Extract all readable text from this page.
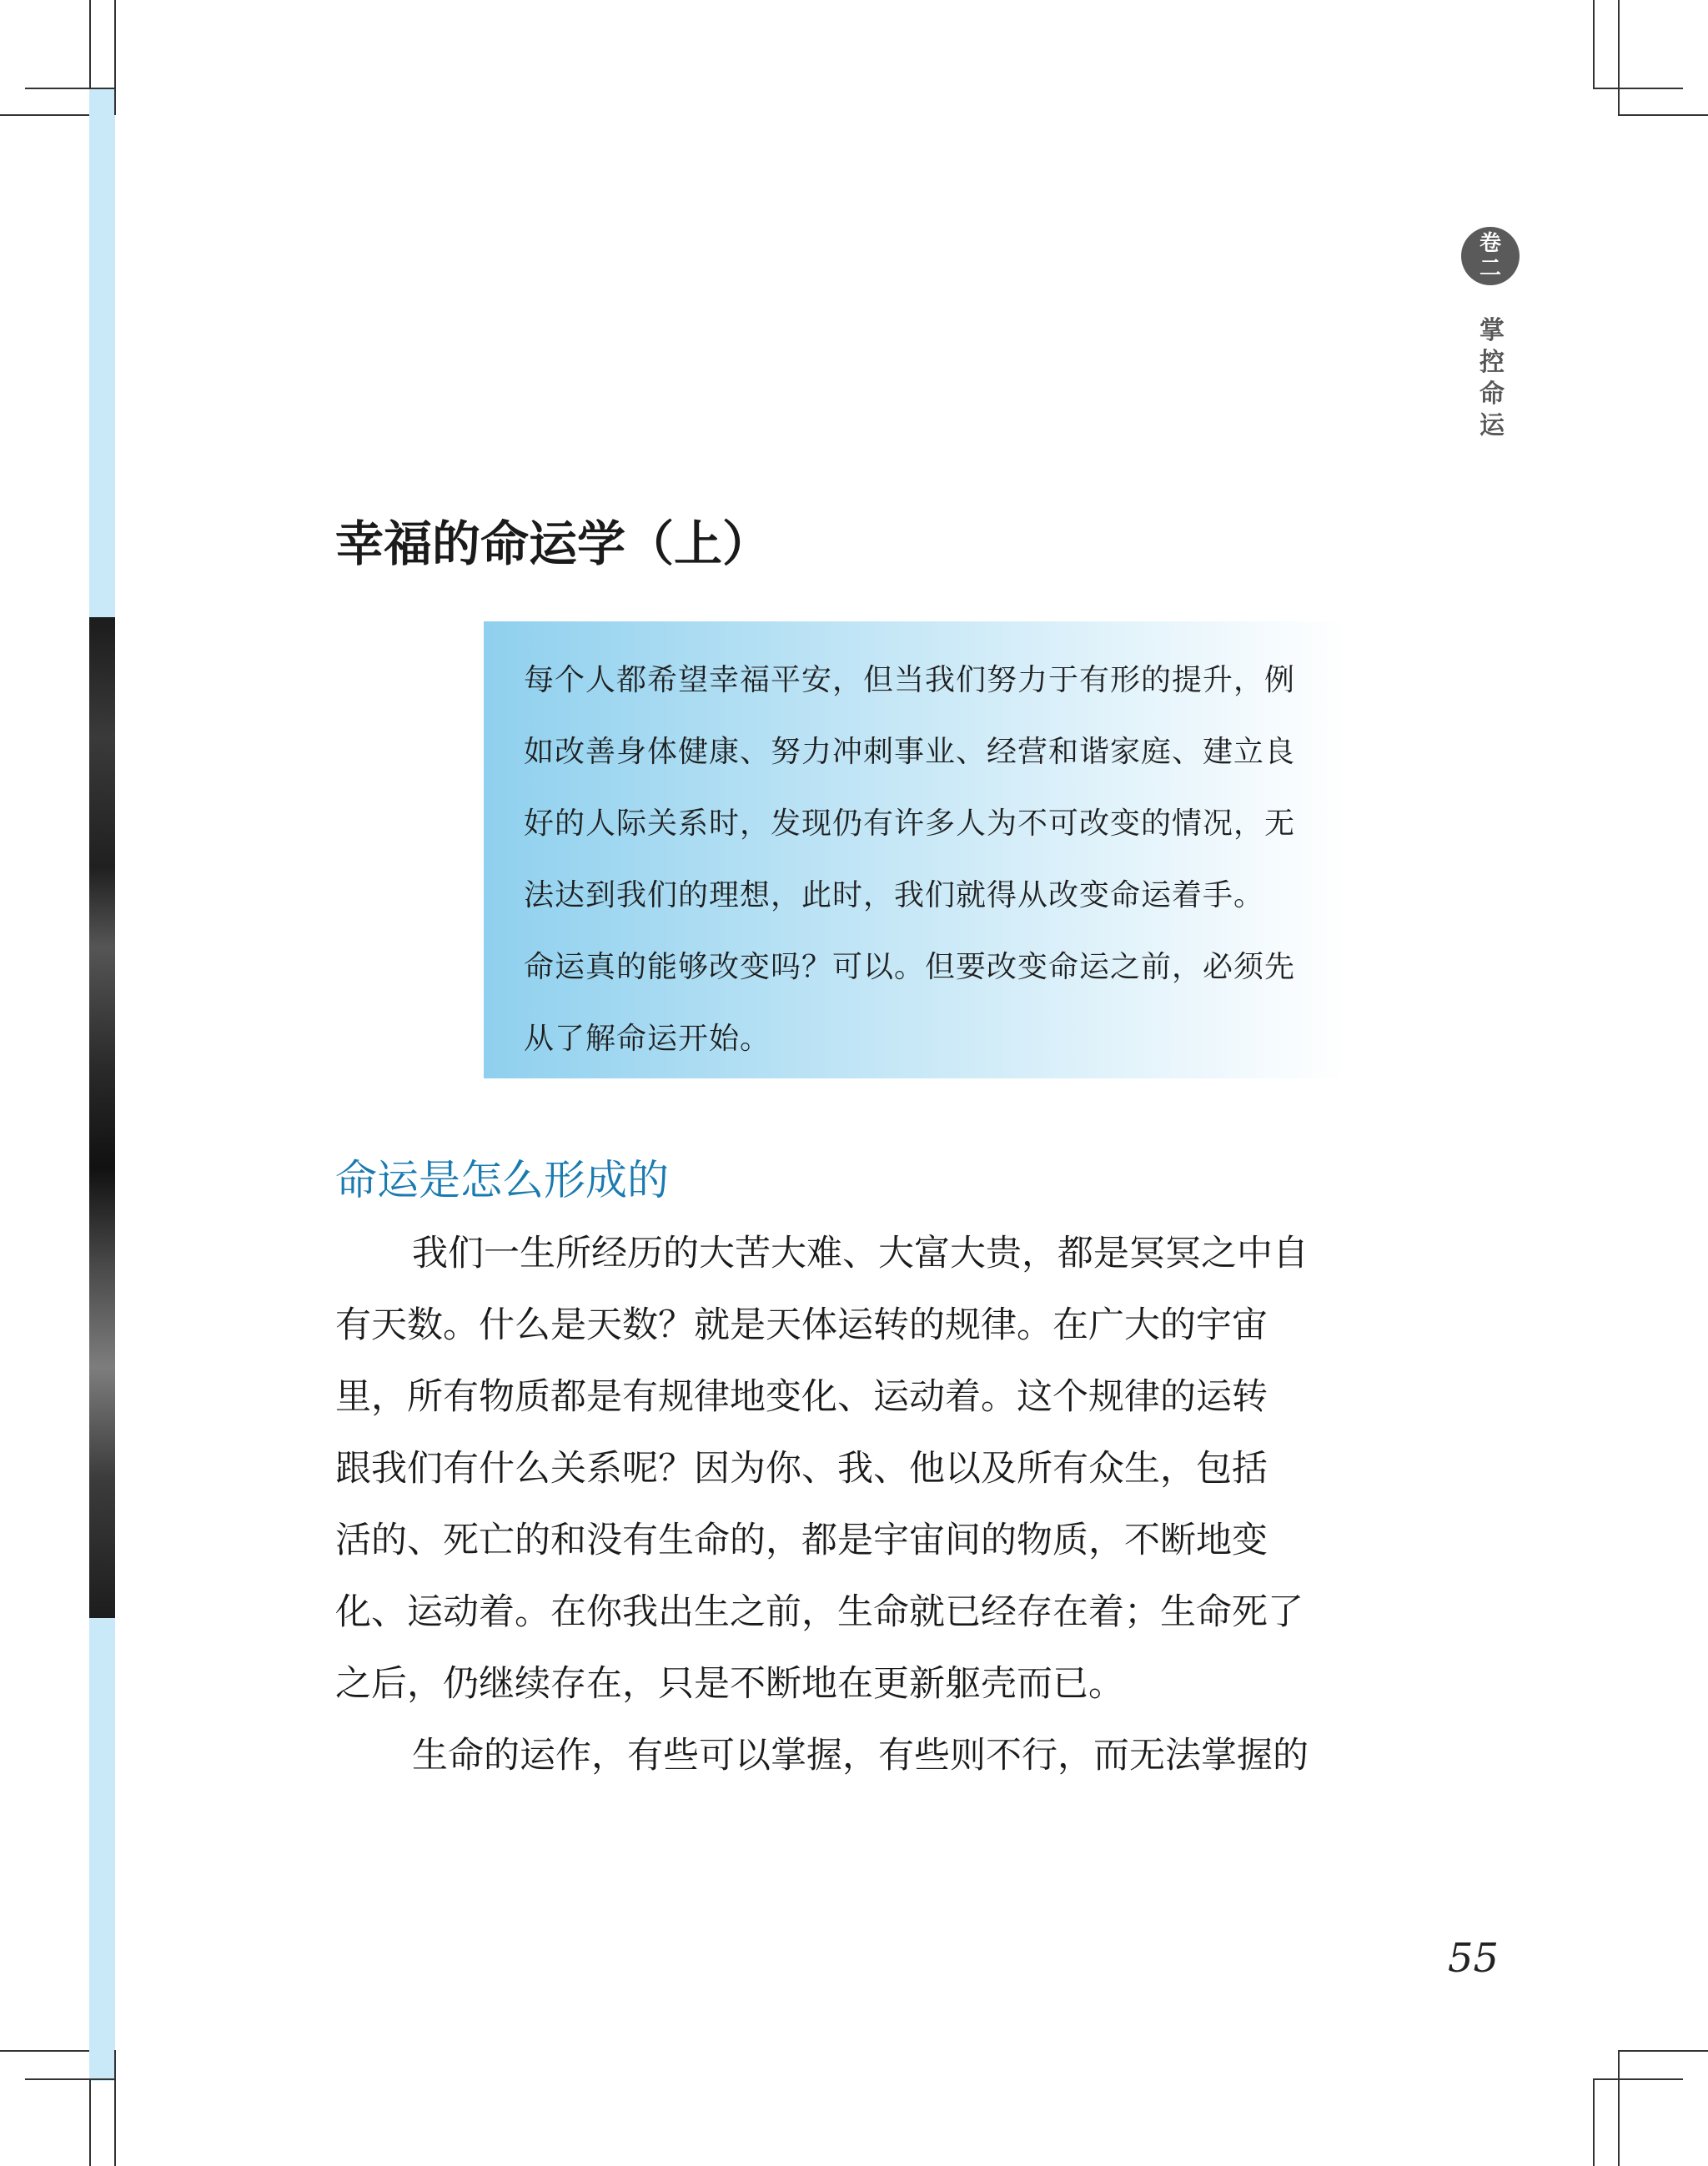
卷
二
掌
控
命
运
幸福的命运学（上）
每个人都希望幸福平安，但当我们努力于有形的提升，例
如改善身体健康、努力冲刺事业、经营和谐家庭、建立良
好的人际关系时，发现仍有许多人为不可改变的情况，无
法达到我们的理想，此时，我们就得从改变命运着手。
命运真的能够改变吗？可以。但要改变命运之前，必须先
从了解命运开始。
命运是怎么形成的
我们一生所经历的大苦大难、大富大贵，都是冥冥之中自
有天数。什么是天数？就是天体运转的规律。在广大的宇宙
里，所有物质都是有规律地变化、运动着。这个规律的运转
跟我们有什么关系呢？因为你、我、他以及所有众生，包括
活的、死亡的和没有生命的，都是宇宙间的物质，不断地变
化、运动着。在你我出生之前，生命就已经存在着；生命死了
之后，仍继续存在，只是不断地在更新躯壳而已。
生命的运作，有些可以掌握，有些则不行，而无法掌握的
55
